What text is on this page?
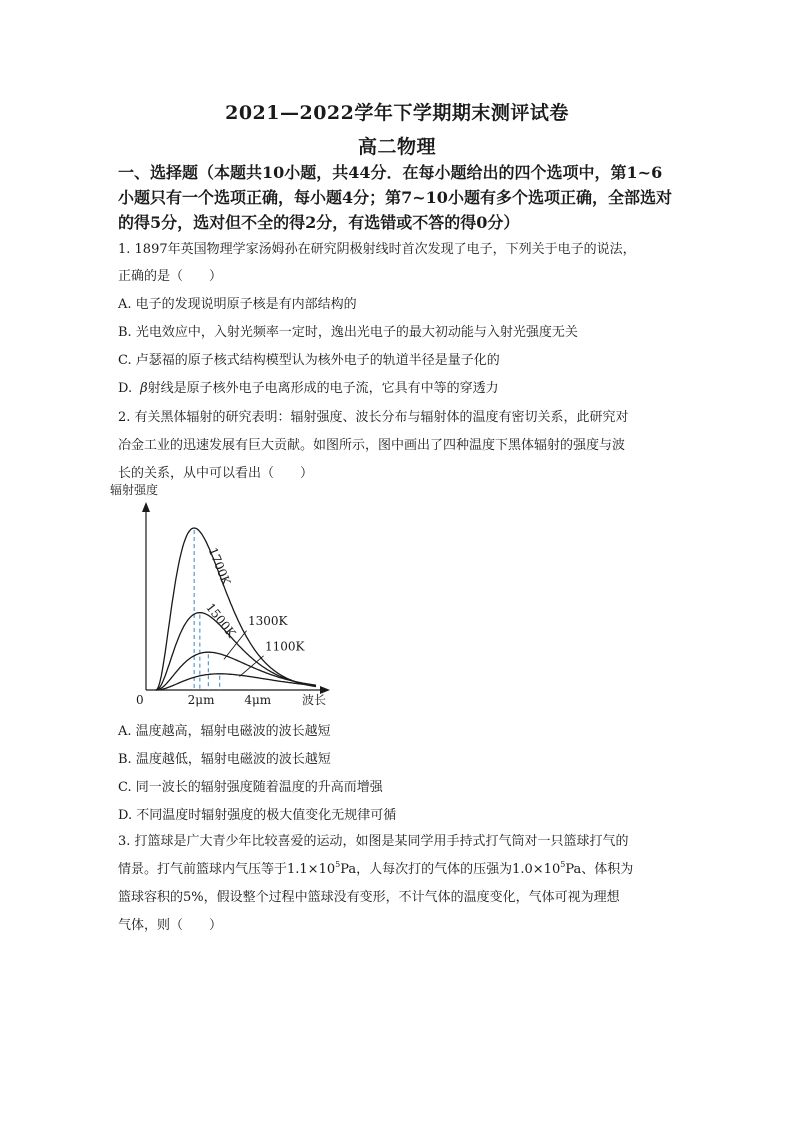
2021—2022学年下学期期末测评试卷
高二物理

一、选择题（本题共10小题，共44分．在每小题给出的四个选项中，第1~6小题只有一个选项正确，每小题4分；第7~10小题有多个选项正确，全部选对的得5分，选对但不全的得2分，有选错或不答的得0分）

1. 1897年英国物理学家汤姆孙在研究阴极射线时首次发现了电子，下列关于电子的说法，

正确的是（　　）

A. 电子的发现说明原子核是有内部结构的

B. 光电效应中，入射光频率一定时，逸出光电子的最大初动能与入射光强度无关

C. 卢瑟福的原子核式结构模型认为核外电子的轨道半径是量子化的

D. β射线是原子核外电子电离形成的电子流，它具有中等的穿透力

2. 有关黑体辐射的研究表明：辐射强度、波长分布与辐射体的温度有密切关系，此研究对

冶金工业的迅速发展有巨大贡献。如图所示，图中画出了四种温度下黑体辐射的强度与波

长的关系，从中可以看出（　　）

1700K
1500K 1300K
1100K
辐射强度
0	2μm 4μm	波长

A. 温度越高，辐射电磁波的波长越短

B. 温度越低，辐射电磁波的波长越短

C. 同一波长的辐射强度随着温度的升高而增强

D. 不同温度时辐射强度的极大值变化无规律可循

3. 打篮球是广大青少年比较喜爱的运动，如图是某同学用手持式打气筒对一只篮球打气的

情景。打气前篮球内气压等于$1.1\times 10^5Pa$，人每次打的气体的压强为$1.0\times 10^5Pa$、体积为

篮球容积的5%，假设整个过程中篮球没有变形，不计气体的温度变化，气体可视为理想

气体，则（　　）
